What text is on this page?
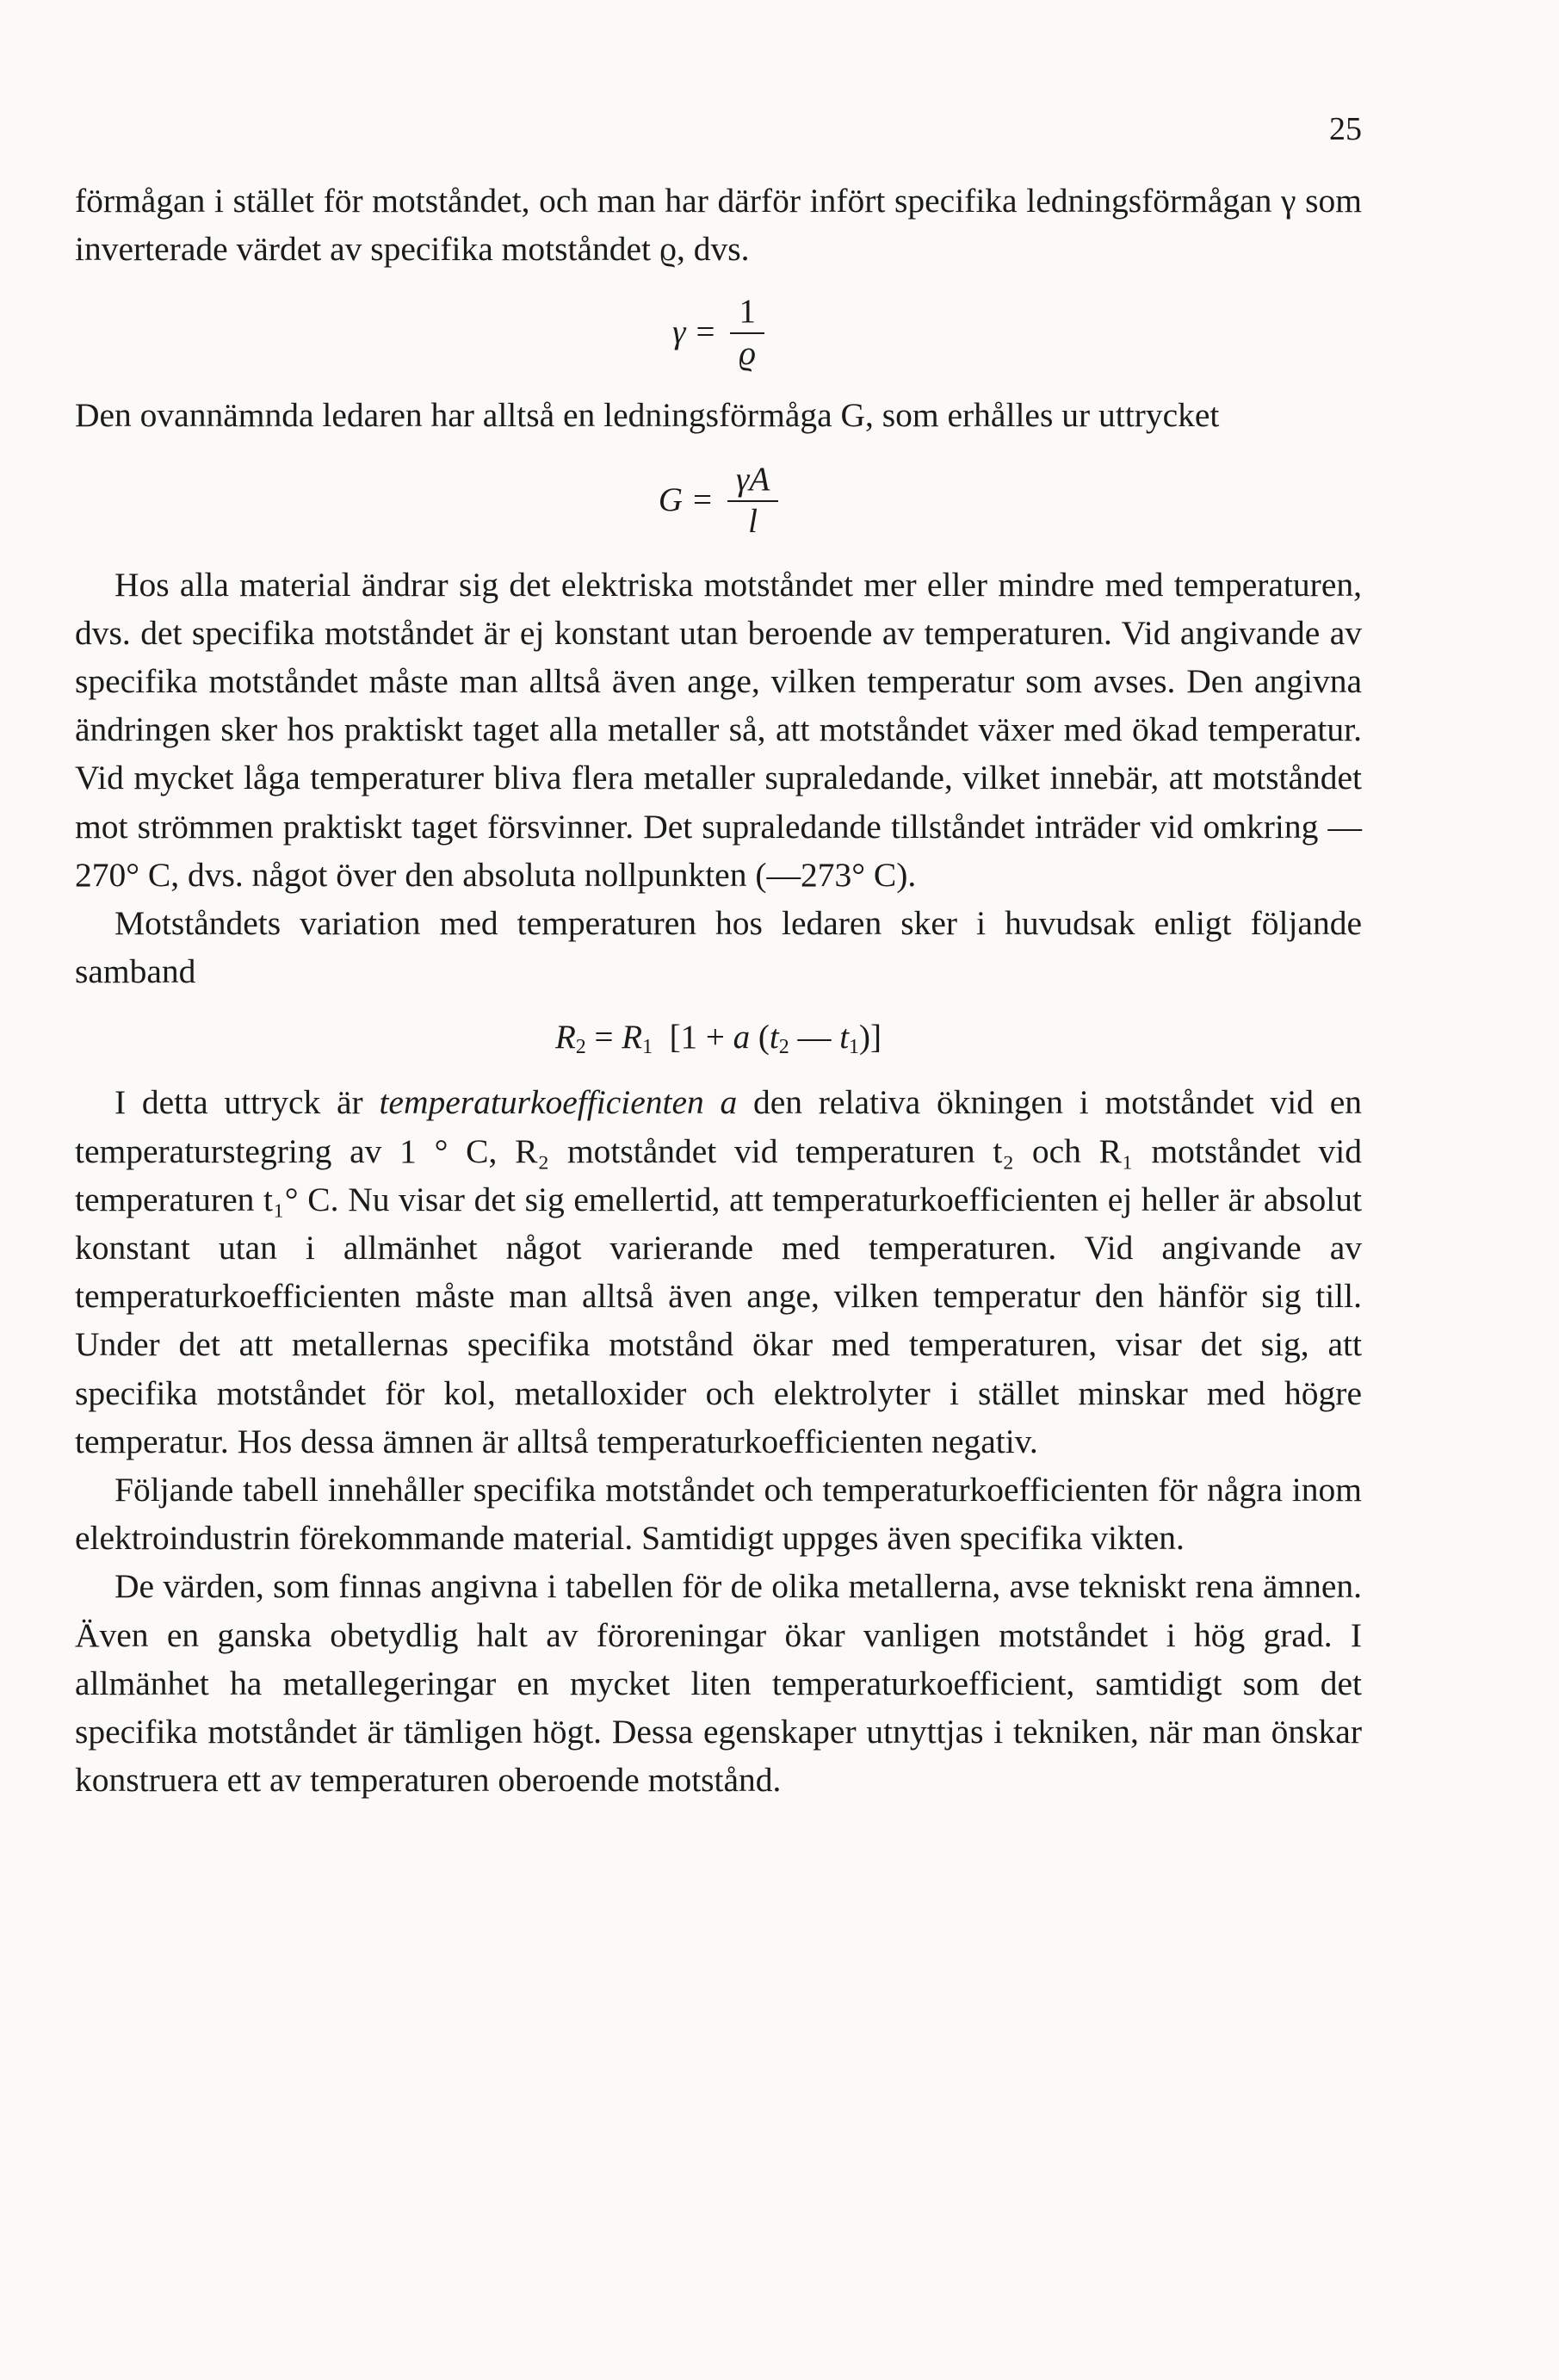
25

förmågan i stället för motståndet, och man har därför infört specifika ledningsförmågan γ som inverterade värdet av specifika motståndet ϱ, dvs.

$\gamma = \frac{1}{ϱ}$

Den ovannämnda ledaren har alltså en ledningsförmåga G, som erhålles ur uttrycket

$G = \frac{\gamma A}{l}$

Hos alla material ändrar sig det elektriska motståndet mer eller mindre med temperaturen, dvs. det specifika motståndet är ej konstant utan beroende av temperaturen. Vid angivande av specifika motståndet måste man alltså även ange, vilken temperatur som avses. Den angivna ändringen sker hos praktiskt taget alla metaller så, att motståndet växer med ökad temperatur. Vid mycket låga temperaturer bliva flera metaller supraledande, vilket innebär, att motståndet mot strömmen praktiskt taget försvinner. Det supraledande tillståndet inträder vid omkring —270° C, dvs. något över den absoluta nollpunkten (—273° C).

Motståndets variation med temperaturen hos ledaren sker i huvudsak enligt följande samband

$R_2 = R_1$ [1 + a ($t_2$ — $t_1$)]

I detta uttryck är temperaturkoefficienten a den relativa ökningen i motståndet vid en temperaturstegring av 1 ° C, R₂ motståndet vid temperaturen t₂ och R₁ motståndet vid temperaturen t₁° C. Nu visar det sig emellertid, att temperaturkoefficienten ej heller är absolut konstant utan i allmänhet något varierande med temperaturen. Vid angivande av temperaturkoefficienten måste man alltså även ange, vilken temperatur den hänför sig till. Under det att metallernas specifika motstånd ökar med temperaturen, visar det sig, att specifika motståndet för kol, metalloxider och elektrolyter i stället minskar med högre temperatur. Hos dessa ämnen är alltså temperaturkoefficienten negativ.

Följande tabell innehåller specifika motståndet och temperaturkoefficienten för några inom elektroindustrin förekommande material. Samtidigt uppges även specifika vikten.

De värden, som finnas angivna i tabellen för de olika metallerna, avse tekniskt rena ämnen. Även en ganska obetydlig halt av föroreningar ökar vanligen motståndet i hög grad. I allmänhet ha metallegeringar en mycket liten temperaturkoefficient, samtidigt som det specifika motståndet är tämligen högt. Dessa egenskaper utnyttjas i tekniken, när man önskar konstruera ett av temperaturen oberoende motstånd.
